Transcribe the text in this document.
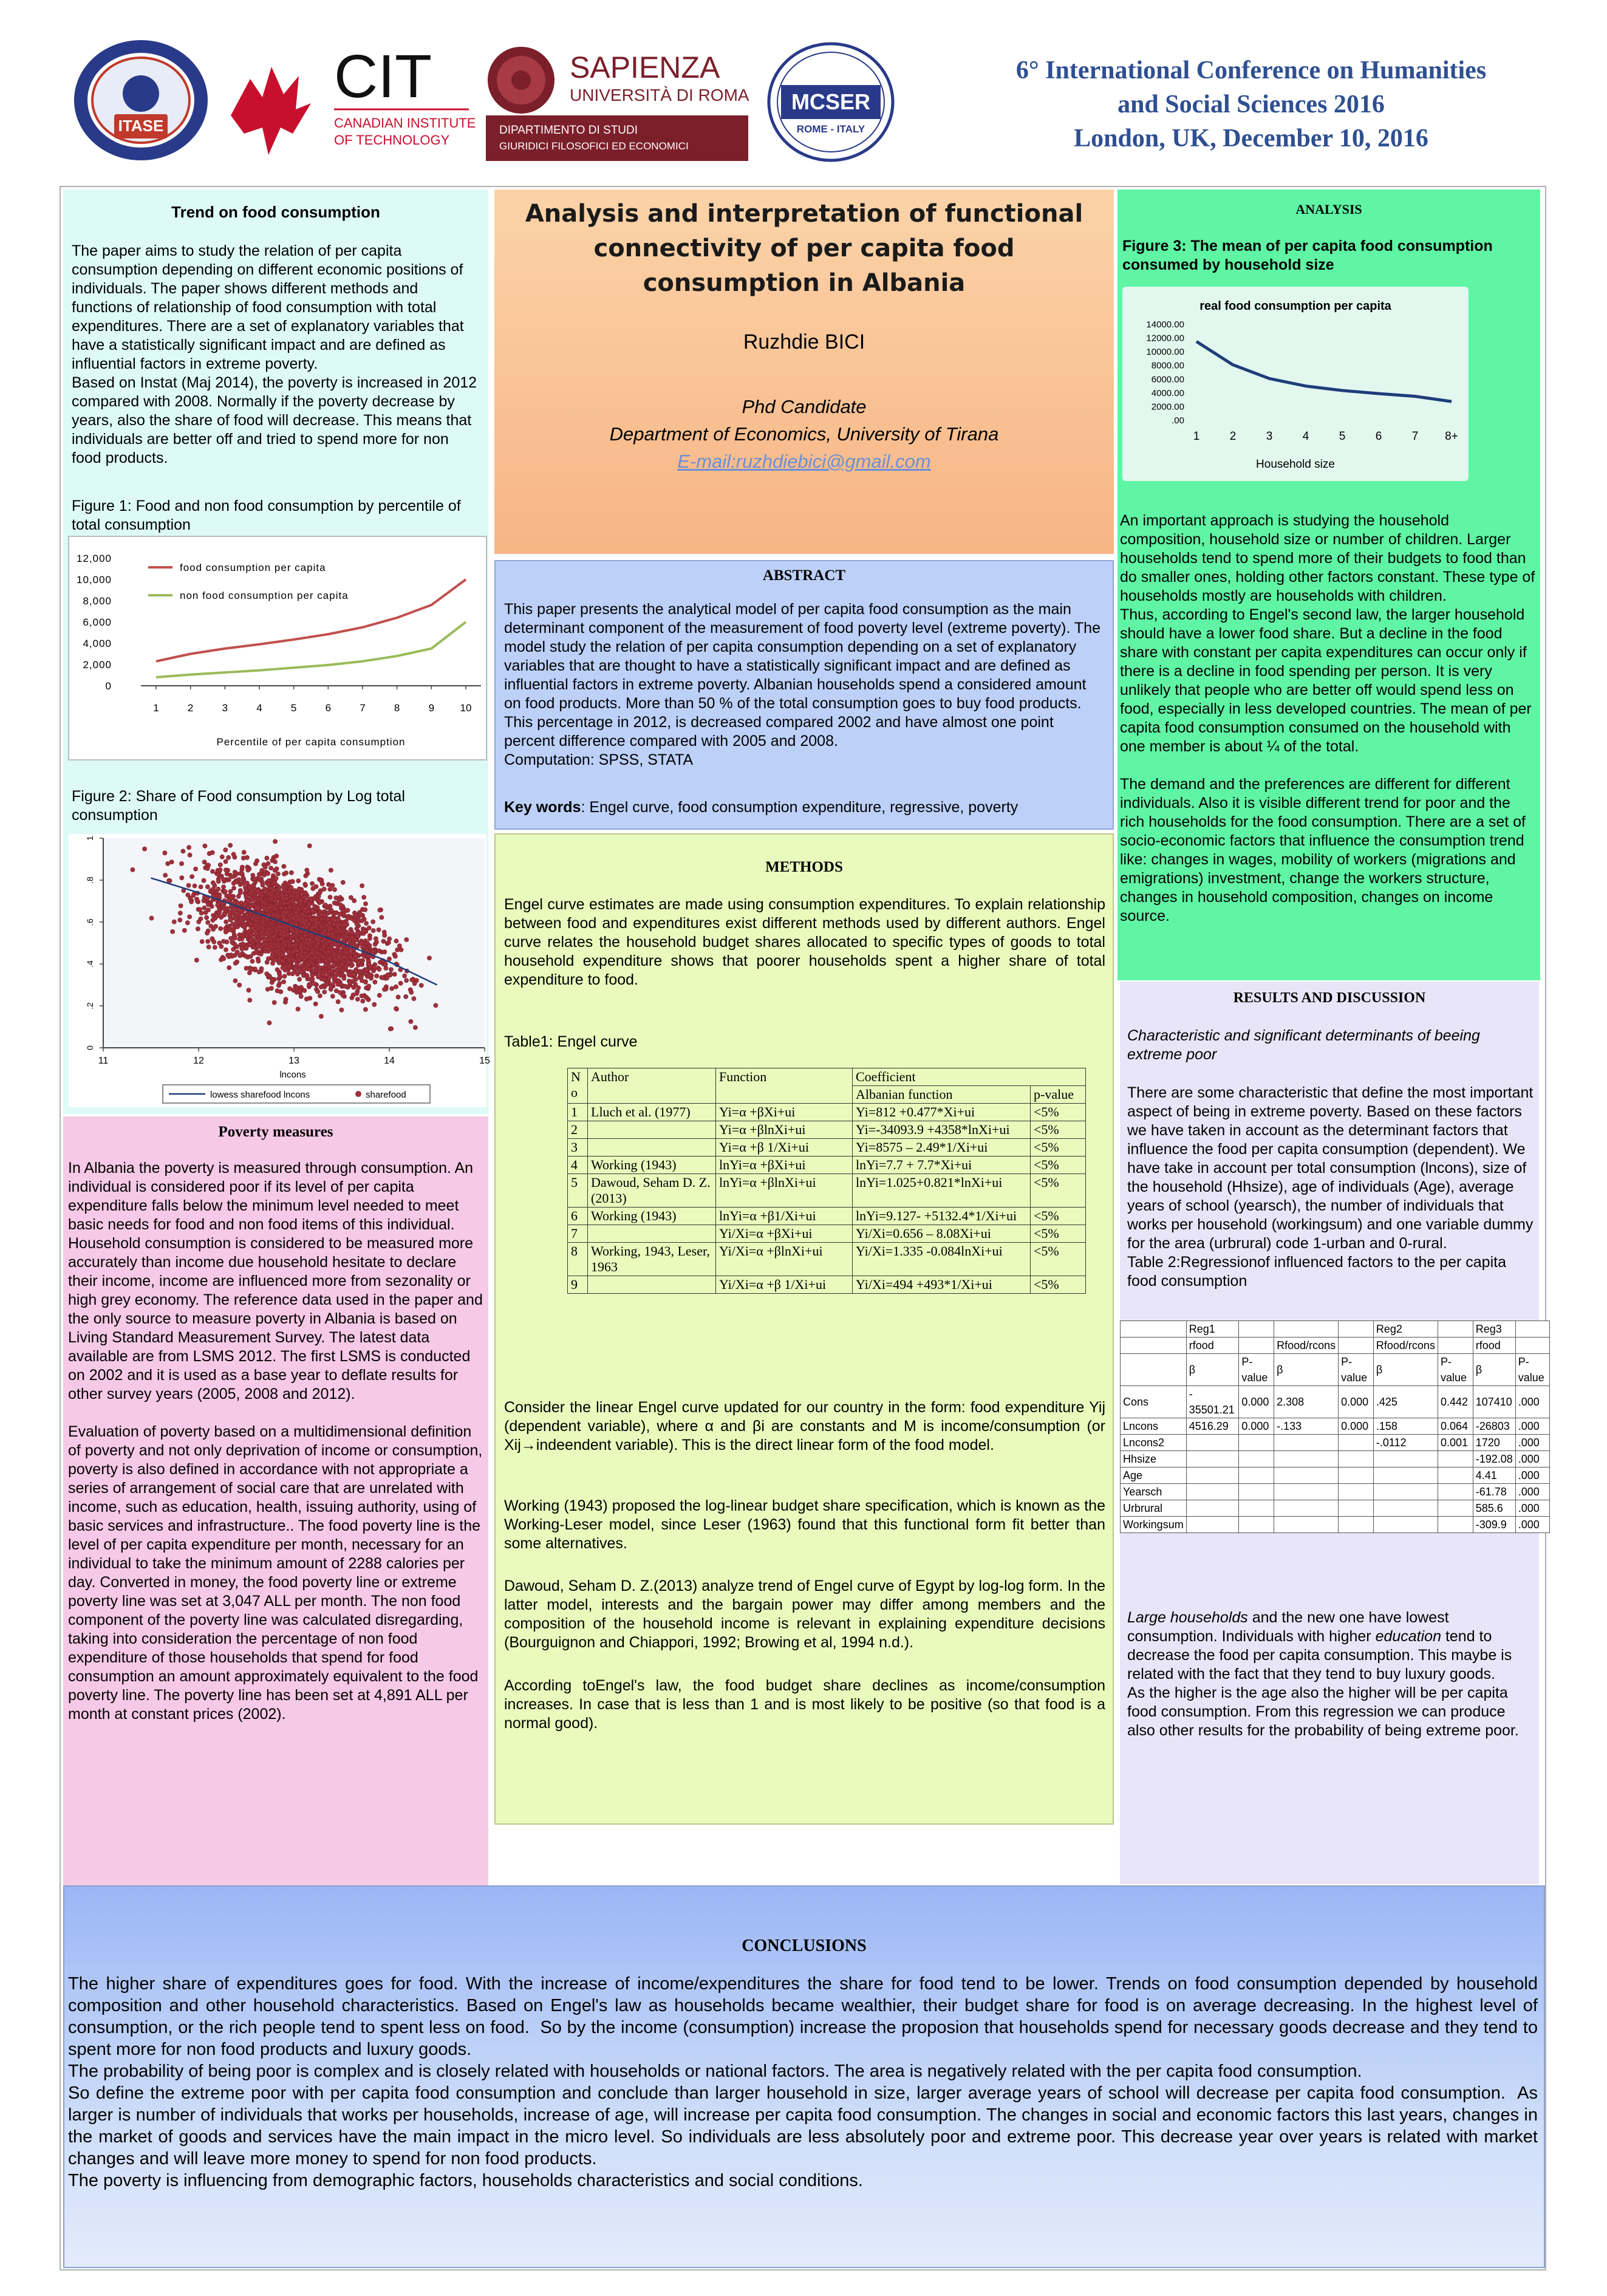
ITASE
CIT
CANADIAN INSTITUTE
OF TECHNOLOGY
SAPIENZA
UNIVERSITÀ DI ROMA
DIPARTIMENTO DI STUDI
GIURIDICI FILOSOFICI ED ECONOMICI
MCSER
ROME - ITALY
6° International Conference on Humanities
and Social Sciences 2016
London, UK, December 10, 2016
Trend on food consumption
The paper aims to study the relation of per capita consumption depending on different economic positions of individuals. The paper shows different methods and functions of relationship of food consumption with total expenditures. There are a set of explanatory variables that have a statistically significant impact and are defined as influential factors in extreme poverty.
Based on Instat (Maj 2014), the poverty is increased in 2012 compared with 2008. Normally if the poverty decrease by years, also the share of food will decrease. This means that individuals are better off and tried to spend more for non food products.
Figure 1: Food and non food consumption by percentile of total consumption
0
2,000
4,000
6,000
8,000
10,000
12,000
1	2	3	4	5	6	7	8	9 10
food consumption per capita
non food consumption per capita
Percentile of per capita consumption
Figure 2: Share of Food consumption by Log total consumption
0
.2
.4
.6
.8
1
11	12	13	14	15
lncons
lowess sharefood lncons	sharefood
Poverty measures
In Albania the poverty is measured through consumption. An individual is considered poor if its level of per capita expenditure falls below the minimum level needed to meet basic needs for food and non food items of this individual. Household consumption is considered to be measured more accurately than income due household hesitate to declare their income, income are influenced more from sezonality or high grey economy. The reference data used in the paper and the only source to measure poverty in Albania is based on Living Standard Measurement Survey. The latest data available are from LSMS 2012. The first LSMS is conducted on 2002 and it is used as a base year to deflate results for other survey years (2005, 2008 and 2012).

Evaluation of poverty based on a multidimensional definition of poverty and not only deprivation of income or consumption, poverty is also defined in accordance with not appropriate a series of arrangement of social care that are unrelated with income, such as education, health, issuing authority, using of basic services and infrastructure.. The food poverty line is the level of per capita expenditure per month, necessary for an individual to take the minimum amount of 2288 calories per day. Converted in money, the food poverty line or extreme poverty line was set at 3,047 ALL per month. The non food component of the poverty line was calculated disregarding, taking into consideration the percentage of non food expenditure of those households that spend for food consumption an amount approximately equivalent to the food poverty line. The poverty line has been set at 4,891 ALL per month at constant prices (2002).
Analysis and interpretation of functional connectivity of per capita food consumption in Albania
Ruzhdie BICI
Phd Candidate
Department of Economics, University of Tirana
E-mail:ruzhdiebici@gmail.com
ABSTRACT
This paper presents the analytical model of per capita food consumption as the main determinant component of the measurement of food poverty level (extreme poverty). The model study the relation of per capita consumption depending on a set of explanatory variables that are thought to have a statistically significant impact and are defined as influential factors in extreme poverty. Albanian households spend a considered amount on food products. More than 50 % of the total consumption goes to buy food products. This percentage in 2012, is decreased compared 2002 and have almost one point percent difference compared with 2005 and 2008.
Computation: SPSS, STATA
Key words: Engel curve, food consumption expenditure, regressive, poverty
METHODS
Engel curve estimates are made using consumption expenditures. To explain relationship between food and expenditures exist different methods used by different authors. Engel curve relates the household budget shares allocated to specific types of goods to total household expenditure shows that poorer households spent a higher share of total expenditure to food.
Table1: Engel curve
N o	Author	Function	Coefficient	
			Albanian function	p-value
1	Lluch et al. (1977)	Yi=α +βXi+ui	Yi=812 +0.477*Xi+ui	<5%
2		Yi=α +βlnXi+ui	Yi=-34093.9 +4358*lnXi+ui	<5%
3		Yi=α +β 1/Xi+ui	Yi=8575 – 2.49*1/Xi+ui	<5%
4	Working (1943)	lnYi=α +βXi+ui	lnYi=7.7 + 7.7*Xi+ui	<5%
5	Dawoud, Seham D. Z.(2013)	lnYi=α +βlnXi+ui	lnYi=1.025+0.821*lnXi+ui	<5%
6	Working (1943)	lnYi=α +β1/Xi+ui	lnYi=9.127- +5132.4*1/Xi+ui	<5%
7		Yi/Xi=α +βXi+ui	Yi/Xi=0.656 – 8.08Xi+ui	<5%
8	Working, 1943, Leser, 1963	Yi/Xi=α +βlnXi+ui	Yi/Xi=1.335 -0.084lnXi+ui	<5%
9		Yi/Xi=α +β 1/Xi+ui	Yi/Xi=494 +493*1/Xi+ui	<5%
Consider the linear Engel curve updated for our country in the form: food expenditure Yij (dependent variable), where α and βi are constants and M is income/consumption (or Xij→indeendent variable). This is the direct linear form of the food model.
Working (1943) proposed the log-linear budget share specification, which is known as the Working-Leser model, since Leser (1963) found that this functional form fit better than some alternatives.
Dawoud, Seham D. Z.(2013) analyze trend of Engel curve of Egypt by log-log form. In the latter model, interests and the bargain power may differ among members and the composition of the household income is relevant in explaining expenditure decisions (Bourguignon and Chiappori, 1992; Browing et al, 1994 n.d.).
According toEngel's law, the food budget share declines as income/consumption increases. In case that is less than 1 and is most likely to be positive (so that food is a normal good).
ANALYSIS
Figure 3: The mean of per capita food consumption consumed by household size
real food consumption per capita
.00
2000.00
4000.00
6000.00
8000.00
10000.00
12000.00
14000.00
1	2	3	4	5	6	7 8+
Household size
An important approach is studying the household composition, household size or number of children. Larger households tend to spend more of their budgets to food than do smaller ones, holding other factors constant. These type of households mostly are households with children.
Thus, according to Engel's second law, the larger household should have a lower food share. But a decline in the food share with constant per capita expenditures can occur only if there is a decline in food spending per person. It is very unlikely that people who are better off would spend less on food, especially in less developed countries. The mean of per capita food consumption consumed on the household with one member is about ¼ of the total.

The demand and the preferences are different for different individuals. Also it is visible different trend for poor and the rich households for the food consumption. There are a set of socio-economic factors that influence the consumption trend like: changes in wages, mobility of workers (migrations and emigrations) investment, change the workers structure, changes in household composition, changes on income source.
RESULTS AND DISCUSSION
Characteristic and significant determinants of beeing extreme poor
There are some characteristic that define the most important aspect of being in extreme poverty. Based on these factors we have taken in account as the determinant factors that influence the food per capita consumption (dependent). We have take in account per total consumption (lncons), size of the household (Hhsize), age of individuals (Age), average years of school (yearsch), the number of individuals that works per household (workingsum) and one variable dummy for the area (urbrural) code 1-urban and 0-rural.
Table 2:Regressionof influenced factors to the per capita food consumption
	Reg1				Reg2		Reg3	
	rfood		Rfood/rcons		Rfood/rcons		rfood	
	β	P-value	β	P-value	β	P-value	β	P-value
Cons	- 35501.21	0.000	2.308	0.000	.425	0.442	107410	.000
Lncons	4516.29	0.000	-.133	0.000	.158	0.064	-26803	.000
Lncons2					-.0112	0.001	1720	.000
Hhsize							-192.08	.000
Age							4.41	.000
Yearsch							-61.78	.000
Urbrural							585.6	.000
Workingsum							-309.9	.000
Large households and the new one have lowest consumption. Individuals with higher education tend to decrease the food per capita consumption. This maybe is related with the fact that they tend to buy luxury goods.
As the higher is the age also the higher will be per capita food consumption. From this regression we can produce also other results for the probability of being extreme poor.
CONCLUSIONS
The higher share of expenditures goes for food. With the increase of income/expenditures the share for food tend to be lower. Trends on food consumption depended by household composition and other household characteristics. Based on Engel's law as households became wealthier, their budget share for food is on average decreasing. In the highest level of consumption, or the rich people tend to spent less on food.  So by the income (consumption) increase the proposion that households spend for necessary goods decrease and they tend to spent more for non food products and luxury goods.
The probability of being poor is complex and is closely related with households or national factors. The area is negatively related with the per capita food consumption.
So define the extreme poor with per capita food consumption and conclude than larger household in size, larger average years of school will decrease per capita food consumption.  As larger is number of individuals that works per households, increase of age, will increase per capita food consumption. The changes in social and economic factors this last years, changes in the market of goods and services have the main impact in the micro level. So individuals are less absolutely poor and extreme poor. This decrease year over years is related with market changes and will leave more money to spend for non food products.
The poverty is influencing from demographic factors, households characteristics and social conditions.
